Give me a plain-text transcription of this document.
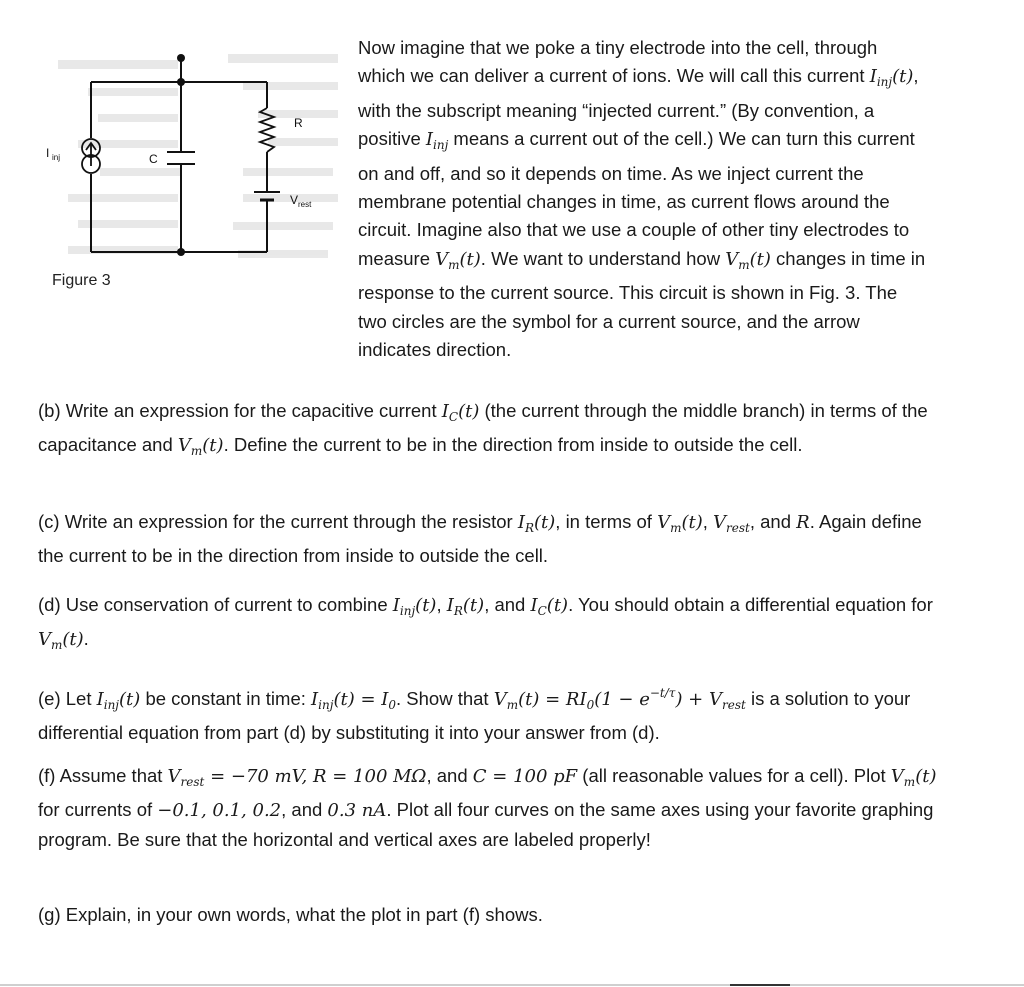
I inj	C
R
V rest
Figure 3
Now imagine that we poke a tiny electrode into the cell, through which we can deliver a current of ions. We will call this current $I_{inj}(t)$, with the subscript meaning “injected current.” (By convention, a positive $I_{inj}$ means a current out of the cell.) We can turn this current on and off, and so it depends on time. As we inject current the membrane potential changes in time, as current flows around the circuit. Imagine also that we use a couple of other tiny electrodes to measure $V_m(t)$. We want to understand how $V_m(t)$ changes in time in response to the current source. This circuit is shown in Fig. 3. The two circles are the symbol for a current source, and the arrow indicates direction.
(b) Write an expression for the capacitive current $I_C(t)$ (the current through the middle branch) in terms of the capacitance and $V_m(t)$. Define the current to be in the direction from inside to outside the cell.
(c) Write an expression for the current through the resistor $I_R(t)$, in terms of $V_m(t)$, $V_{rest}$, and R. Again define the current to be in the direction from inside to outside the cell.
(d) Use conservation of current to combine $I_{inj}(t)$, $I_R(t)$, and $I_C(t)$. You should obtain a differential equation for $V_m(t)$.
(e) Let $I_{inj}(t)$ be constant in time: $I_{inj}(t) = I_0$. Show that $V_m(t) = RI_0(1 - e^{-t/\tau}) + V_{rest}$ is a solution to your differential equation from part (d) by substituting it into your answer from (d).
(f) Assume that $V_{rest} = -70$ mV, R = 100 MΩ, and C = 100 pF (all reasonable values for a cell). Plot $V_m(t)$ for currents of −0.1, 0.1, 0.2, and 0.3 nA. Plot all four curves on the same axes using your favorite graphing program. Be sure that the horizontal and vertical axes are labeled properly!
(g) Explain, in your own words, what the plot in part (f) shows.
